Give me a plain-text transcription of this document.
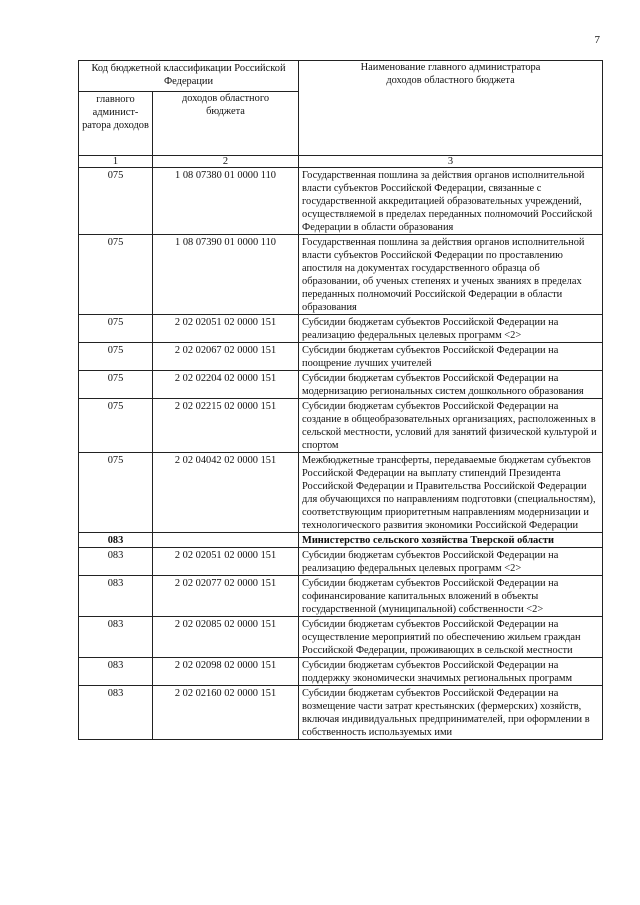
7
Код бюджетной классификации Российской Федерации		Наименование главного администратора доходов областного бюджета
главного админист-ратора доходов	доходов областного бюджета	
1	2	3
075	1 08 07380 01 0000 110	Государственная пошлина за действия органов исполнительной власти субъектов Российской Федерации, связанные с государственной аккредитацией образовательных учреждений, осуществляемой в пределах переданных полномочий Российской Федерации в области образования
075	1 08 07390 01 0000 110	Государственная пошлина за действия органов исполнительной власти субъектов Российской Федерации по проставлению апостиля на документах государственного образца об образовании, об ученых степенях и ученых званиях в пределах переданных полномочий Российской Федерации в области образования
075	2 02 02051 02 0000 151	Субсидии бюджетам субъектов Российской Федерации на реализацию федеральных целевых программ <2>
075	2 02 02067 02 0000 151	Субсидии бюджетам субъектов Российской Федерации на поощрение лучших учителей
075	2 02 02204 02 0000 151	Субсидии бюджетам субъектов Российской Федерации на модернизацию региональных систем дошкольного образования
075	2 02 02215 02 0000 151	Субсидии бюджетам субъектов Российской Федерации на создание в общеобразовательных организациях, расположенных в сельской местности, условий для занятий физической культурой и спортом
075	2 02 04042 02 0000 151	Межбюджетные трансферты, передаваемые бюджетам субъектов Российской Федерации на выплату стипендий Президента Российской Федерации и Правительства Российской Федерации для обучающихся по направлениям подготовки (специальностям), соответствующим приоритетным направлениям модернизации и технологического развития экономики Российской Федерации
083		Министерство сельского хозяйства Тверской области
083	2 02 02051 02 0000 151	Субсидии бюджетам субъектов Российской Федерации на реализацию федеральных целевых программ <2>
083	2 02 02077 02 0000 151	Субсидии бюджетам субъектов Российской Федерации на софинансирование капитальных вложений в объекты государственной (муниципальной) собственности <2>
083	2 02 02085 02 0000 151	Субсидии бюджетам субъектов Российской Федерации на осуществление мероприятий по обеспечению жильем граждан Российской Федерации, проживающих в сельской местности
083	2 02 02098 02 0000 151	Субсидии бюджетам субъектов Российской Федерации на поддержку экономически значимых региональных программ
083	2 02 02160 02 0000 151	Субсидии бюджетам субъектов Российской Федерации на возмещение части затрат крестьянских (фермерских) хозяйств, включая индивидуальных предпринимателей, при оформлении в собственность используемых ими
